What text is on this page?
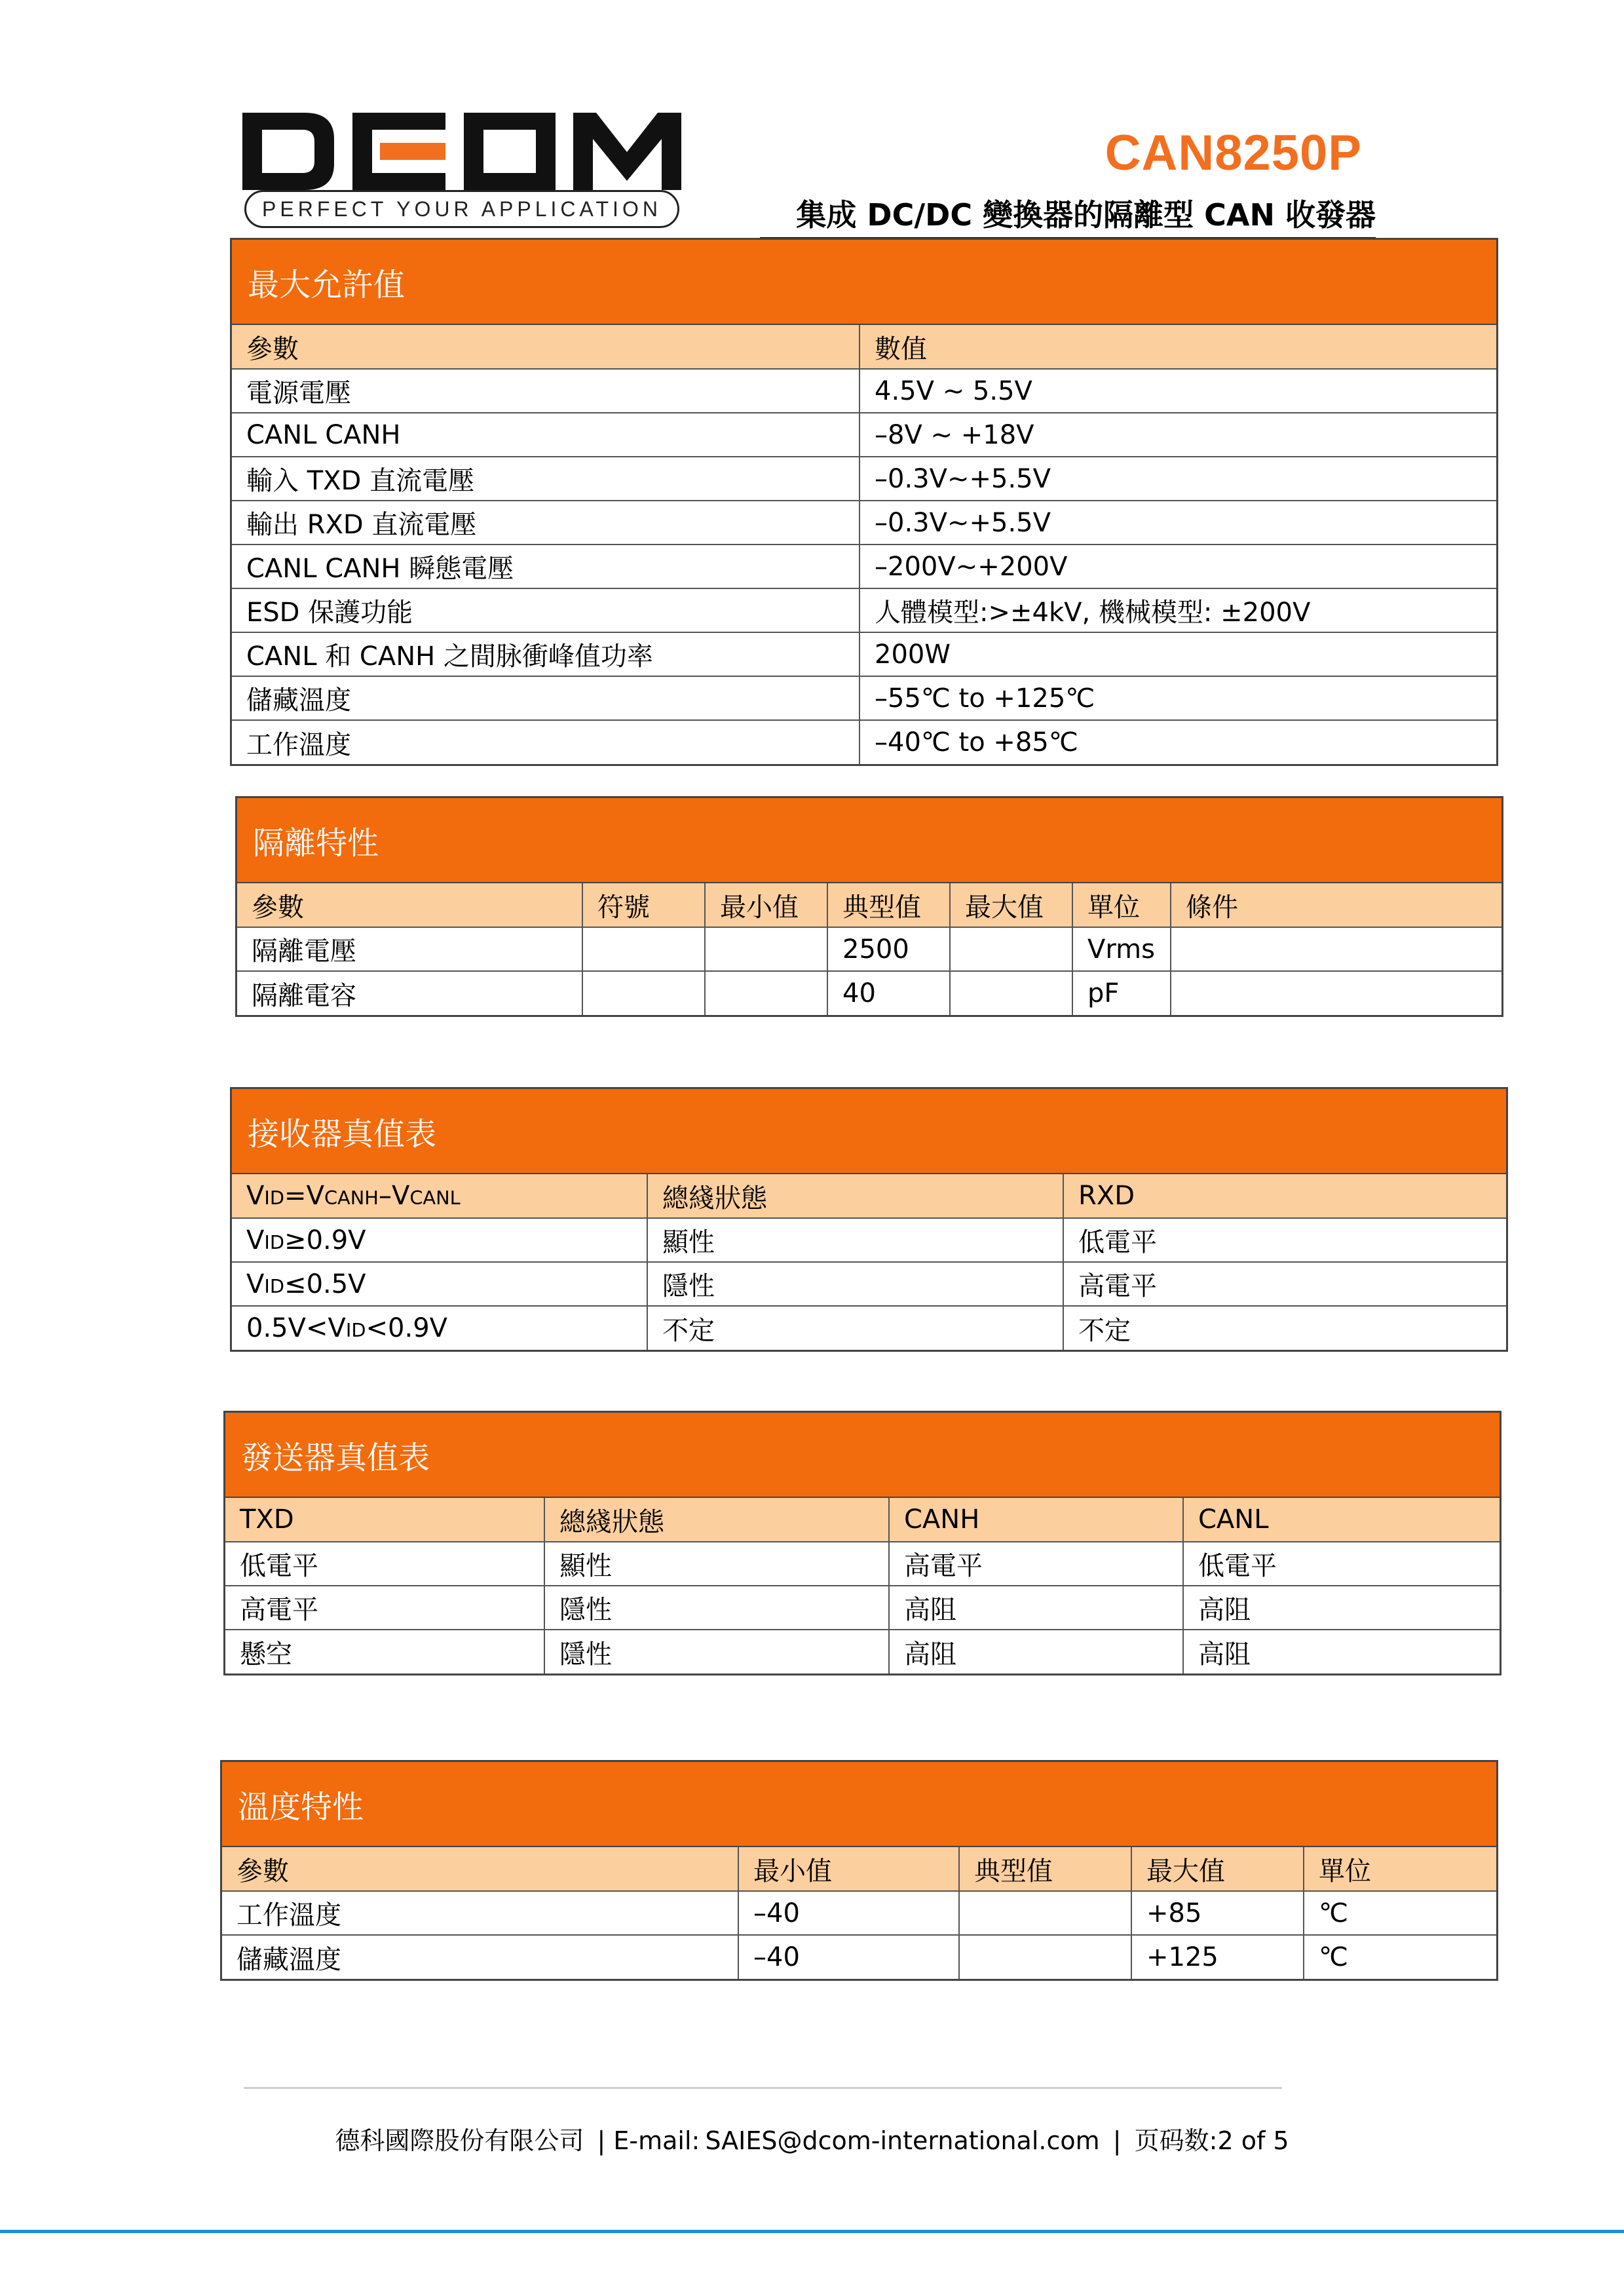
PERFECT YOUR APPLICATION
CAN8250P
集成 DC/DC 變換器的隔離型 CAN 收發器
最大允許值
參數	數值
電源電壓	4.5V ~ 5.5V
CANL CANH	–8V ~ +18V
輸入 TXD 直流電壓	–0.3V~+5.5V
輸出 RXD 直流電壓	–0.3V~+5.5V
CANL CANH 瞬態電壓	–200V~+200V
ESD 保護功能	人體模型:>±4kV, 機械模型: ±200V
CANL 和 CANH 之間脉衝峰值功率	200W
儲藏溫度	–55℃ to +125℃
工作溫度	–40℃ to +85℃
隔離特性
參數	符號	最小值	典型值	最大值	單位	條件
隔離電壓			2500		Vrms	
隔離電容			40		pF	
接收器真值表
VID=VCANH–VCANL	總綫狀態	RXD
VID≥0.9V	顯性	低電平
VID≤0.5V	隱性	高電平
0.5V<VID<0.9V	不定	不定
發送器真值表
TXD	總綫狀態	CANH	CANL
低電平	顯性	高電平	低電平
高電平	隱性	高阻	高阻
懸空	隱性	高阻	高阻
溫度特性
參數	最小值	典型值	最大值	單位
工作溫度	–40		+85	℃
儲藏溫度	–40		+125	℃
德科國際股份有限公司 | E-mail: SAIES@dcom-international.com | 页码数:2 of 5
